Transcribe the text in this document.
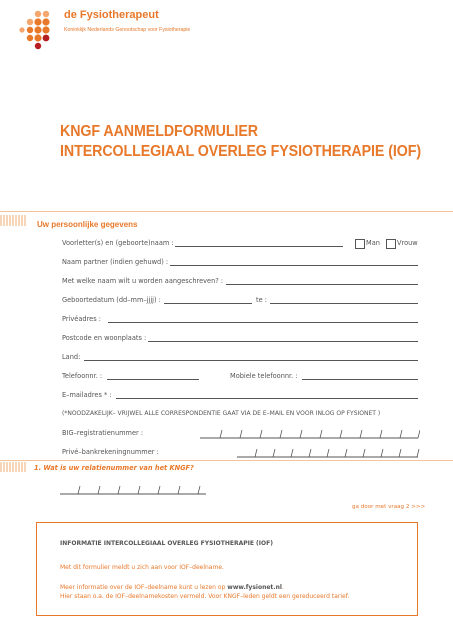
de Fysiotherapeut
Koninklijk Nederlands Genootschap voor Fysiotherapie
KNGF AANMELDFORMULIER
INTERCOLLEGIAAL OVERLEG FYSIOTHERAPIE (IOF)
Uw persoonlijke gegevens
Voorletter(s) en (geboorte)naam :	Man	Vrouw
Naam partner (indien gehuwd) :
Met welke naam wilt u worden aangeschreven? :
Geboortedatum (dd–mm–jjjj) :	te :
Privéadres :
Postcode en woonplaats :
Land:
Telefoonnr. :	Mobiele telefoonnr. :
E–mailadres * :
(*NOODZAKELIJK– VRIJWEL ALLE CORRESPONDENTIE GAAT VIA DE E–MAIL EN VOOR INLOG OP FYSIONET )
BIG–registratienummer :
Privé–bankrekeningnummer :
1. Wat is uw relatienummer van het KNGF?
ga door met vraag 2 >>>
INFORMATIE INTERCOLLEGIAAL OVERLEG FYSIOTHERAPIE (IOF)
Met dit formulier meldt u zich aan voor IOF–deelname.
Meer informatie over de IOF–deelname kunt u lezen op www.fysionet.nl.
Hier staan o.a. de IOF–deelnamekosten vermeld. Voor KNGF–leden geldt een gereduceerd tarief.
